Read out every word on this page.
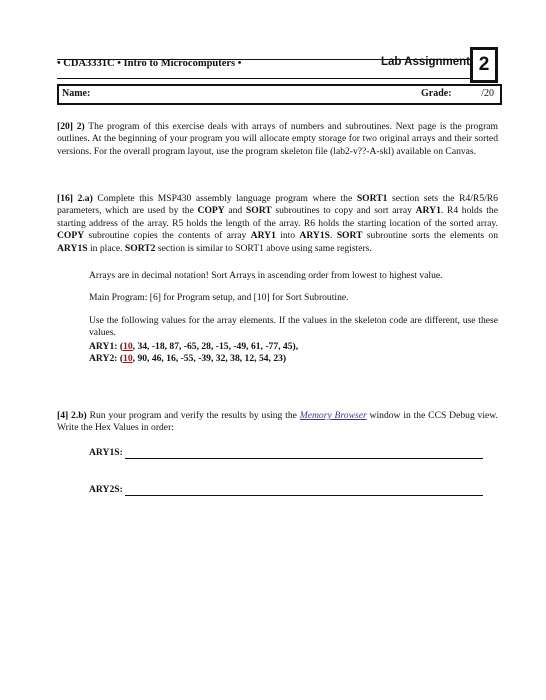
• CDA3331C • Intro to Microcomputers •	Lab Assignment 2
Name:	Grade:	/20

[20] 2) The program of this exercise deals with arrays of numbers and subroutines. Next page is the program outlines. At the beginning of your program you will allocate empty storage for two original arrays and their sorted versions. For the overall program layout, use the program skeleton file (lab2-v??-A-skl) available on Canvas.

[16] 2.a) Complete this MSP430 assembly language program where the SORT1 section sets the R4/R5/R6 parameters, which are used by the COPY and SORT subroutines to copy and sort array ARY1. R4 holds the starting address of the array. R5 holds the length of the array. R6 holds the starting location of the sorted array. COPY subroutine copies the contents of array ARY1 into ARY1S. SORT subroutine sorts the elements on ARY1S in place. SORT2 section is similar to SORT1 above using same registers.

Arrays are in decimal notation! Sort Arrays in ascending order from lowest to highest value.

Main Program: [6] for Program setup, and [10] for Sort Subroutine.

Use the following values for the array elements. If the values in the skeleton code are different, use these values.

ARY1: (10, 34, -18, 87, -65, 28, -15, -49, 61, -77, 45),

ARY2: (10, 90, 46, 16, -55, -39, 32, 38, 12, 54, 23)

[4] 2.b) Run your program and verify the results by using the Memory Browser window in the CCS Debug view. Write the Hex Values in order:

ARY1S:
ARY2S:
